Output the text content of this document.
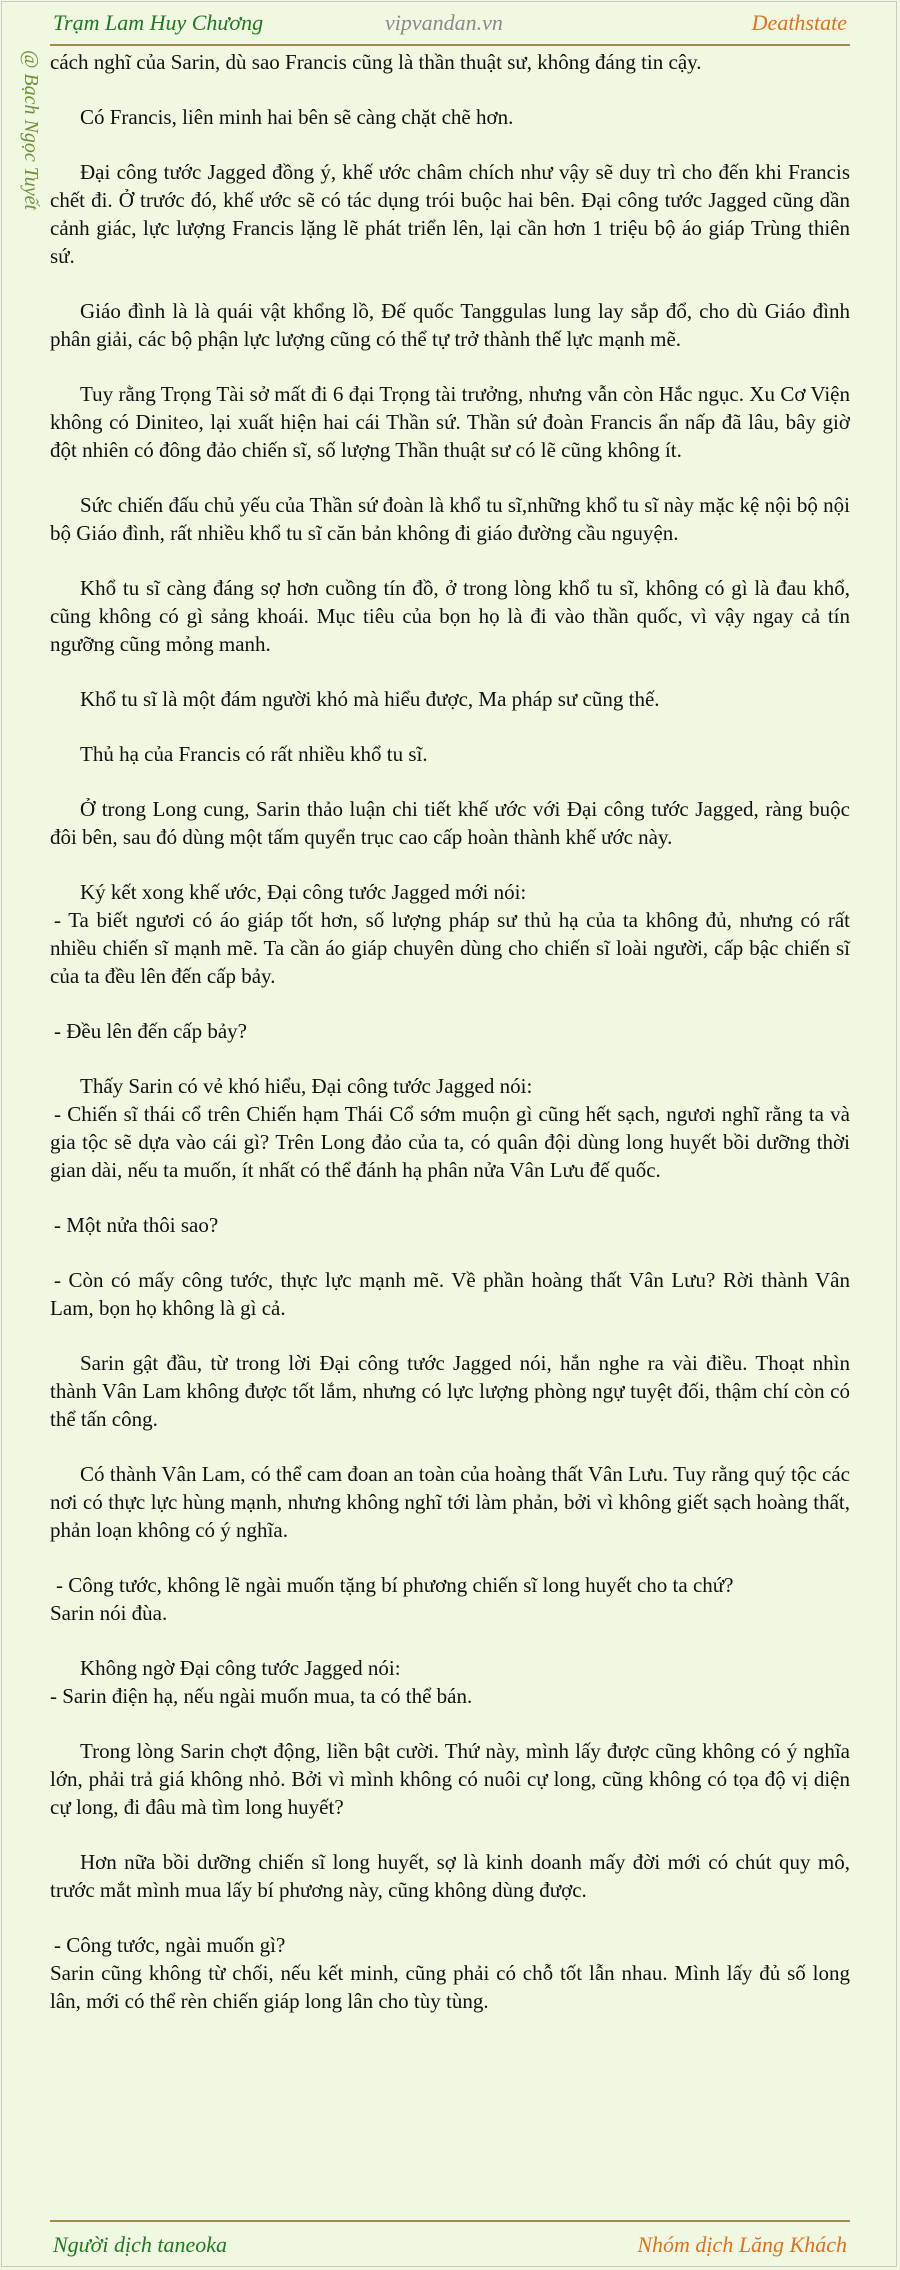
Trạm Lam Huy Chương	vipvandan.vn	Deathstate
@ Bạch Ngọc Tuyết cách nghĩ của Sarin, dù sao Francis cũng là thần thuật sư, không đáng tin cậy.

Có Francis, liên minh hai bên sẽ càng chặt chẽ hơn.

Đại công tước Jagged đồng ý, khế ước châm chích như vậy sẽ duy trì cho đến khi Francis chết đi. Ở trước đó, khế ước sẽ có tác dụng trói buộc hai bên. Đại công tước Jagged cũng dần cảnh giác, lực lượng Francis lặng lẽ phát triển lên, lại cần hơn 1 triệu bộ áo giáp Trùng thiên sứ.

Giáo đình là là quái vật khổng lồ, Đế quốc Tanggulas lung lay sắp đổ, cho dù Giáo đình phân giải, các bộ phận lực lượng cũng có thể tự trở thành thế lực mạnh mẽ.

Tuy rằng Trọng Tài sở mất đi 6 đại Trọng tài trưởng, nhưng vẫn còn Hắc ngục. Xu Cơ Viện không có Diniteo, lại xuất hiện hai cái Thần sứ. Thần sứ đoàn Francis ẩn nấp đã lâu, bây giờ đột nhiên có đông đảo chiến sĩ, số lượng Thần thuật sư có lẽ cũng không ít.

Sức chiến đấu chủ yếu của Thần sứ đoàn là khổ tu sĩ,những khổ tu sĩ này mặc kệ nội bộ nội bộ Giáo đình, rất nhiều khổ tu sĩ căn bản không đi giáo đường cầu nguyện.

Khổ tu sĩ càng đáng sợ hơn cuồng tín đồ, ở trong lòng khổ tu sĩ, không có gì là đau khổ, cũng không có gì sảng khoái. Mục tiêu của bọn họ là đi vào thần quốc, vì vậy ngay cả tín ngưỡng cũng mỏng manh.

Khổ tu sĩ là một đám người khó mà hiểu được, Ma pháp sư cũng thế.

Thủ hạ của Francis có rất nhiều khổ tu sĩ.

Ở trong Long cung, Sarin thảo luận chi tiết khế ước với Đại công tước Jagged, ràng buộc đôi bên, sau đó dùng một tấm quyển trục cao cấp hoàn thành khế ước này.

Ký kết xong khế ước, Đại công tước Jagged mới nói:
- Ta biết ngươi có áo giáp tốt hơn, số lượng pháp sư thủ hạ của ta không đủ, nhưng có rất nhiều chiến sĩ mạnh mẽ. Ta cần áo giáp chuyên dùng cho chiến sĩ loài người, cấp bậc chiến sĩ của ta đều lên đến cấp bảy.

- Đều lên đến cấp bảy?

Thấy Sarin có vẻ khó hiểu, Đại công tước Jagged nói:
- Chiến sĩ thái cổ trên Chiến hạm Thái Cổ sớm muộn gì cũng hết sạch, ngươi nghĩ rằng ta và gia tộc sẽ dựa vào cái gì? Trên Long đảo của ta, có quân đội dùng long huyết bồi dưỡng thời gian dài, nếu ta muốn, ít nhất có thể đánh hạ phân nửa Vân Lưu đế quốc.

- Một nửa thôi sao?

- Còn có mấy công tước, thực lực mạnh mẽ. Về phần hoàng thất Vân Lưu? Rời thành Vân Lam, bọn họ không là gì cả.

Sarin gật đầu, từ trong lời Đại công tước Jagged nói, hắn nghe ra vài điều. Thoạt nhìn thành Vân Lam không được tốt lắm, nhưng có lực lượng phòng ngự tuyệt đối, thậm chí còn có thể tấn công.

Có thành Vân Lam, có thể cam đoan an toàn của hoàng thất Vân Lưu. Tuy rằng quý tộc các nơi có thực lực hùng mạnh, nhưng không nghĩ tới làm phản, bởi vì không giết sạch hoàng thất, phản loạn không có ý nghĩa.

- Công tước, không lẽ ngài muốn tặng bí phương chiến sĩ long huyết cho ta chứ?
Sarin nói đùa.

Không ngờ Đại công tước Jagged nói:
- Sarin điện hạ, nếu ngài muốn mua, ta có thể bán.

Trong lòng Sarin chợt động, liền bật cười. Thứ này, mình lấy được cũng không có ý nghĩa lớn, phải trả giá không nhỏ. Bởi vì mình không có nuôi cự long, cũng không có tọa độ vị diện cự long, đi đâu mà tìm long huyết?

Hơn nữa bồi dưỡng chiến sĩ long huyết, sợ là kinh doanh mấy đời mới có chút quy mô, trước mắt mình mua lấy bí phương này, cũng không dùng được.

- Công tước, ngài muốn gì?
Sarin cũng không từ chối, nếu kết minh, cũng phải có chỗ tốt lẫn nhau. Mình lấy đủ số long lân, mới có thể rèn chiến giáp long lân cho tùy tùng.

Người dịch taneoka	Nhóm dịch Lăng Khách
